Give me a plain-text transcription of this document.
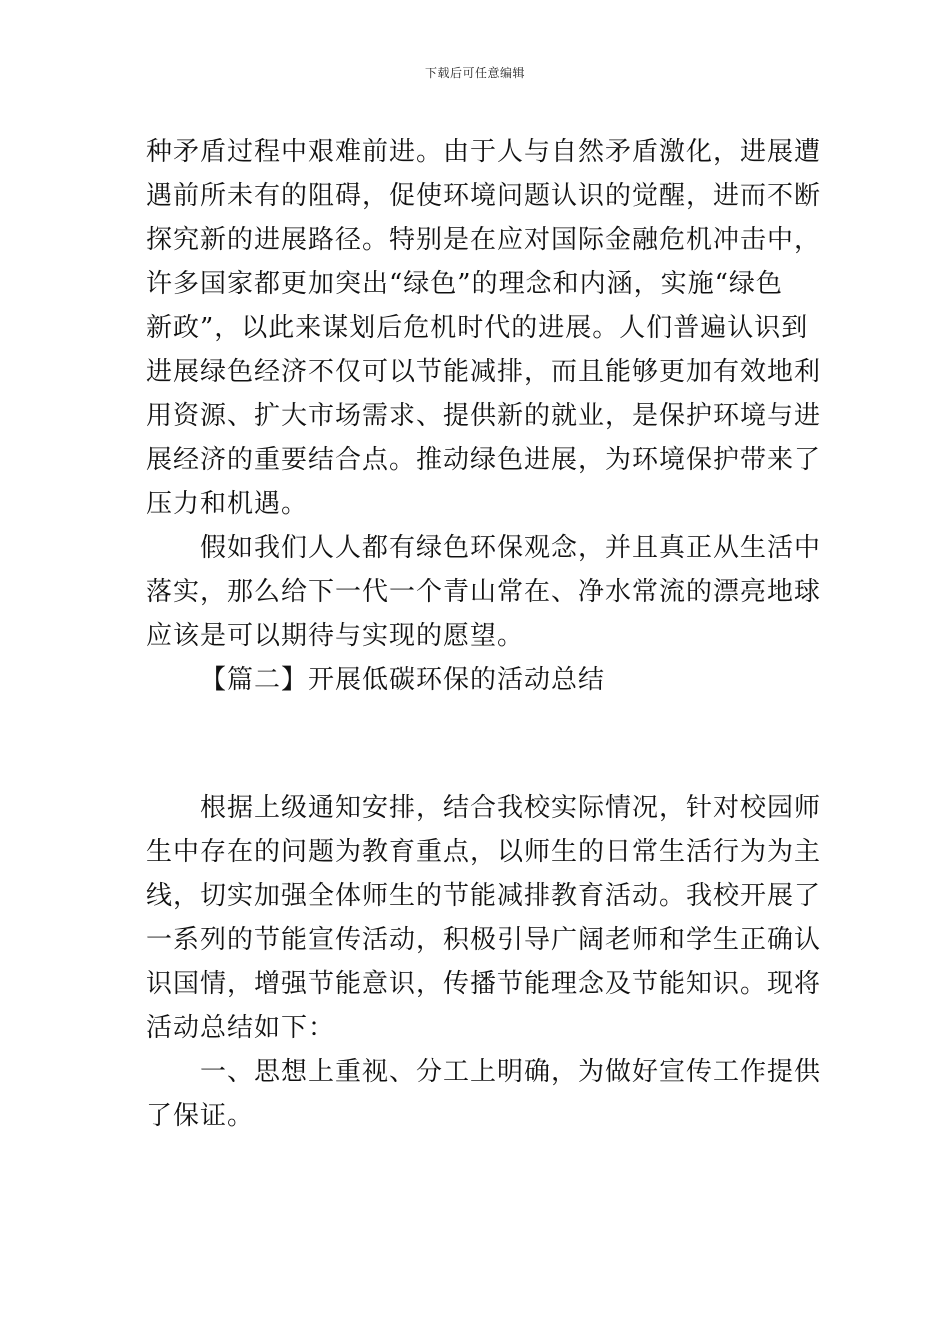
下载后可任意编辑
种矛盾过程中艰难前进。由于人与自然矛盾激化，进展遭
遇前所未有的阻碍，促使环境问题认识的觉醒，进而不断
探究新的进展路径。特别是在应对国际金融危机冲击中，
许多国家都更加突出“绿色”的理念和内涵，实施“绿色
新政”，以此来谋划后危机时代的进展。人们普遍认识到
进展绿色经济不仅可以节能减排，而且能够更加有效地利
用资源、扩大市场需求、提供新的就业，是保护环境与进
展经济的重要结合点。推动绿色进展，为环境保护带来了
压力和机遇。
假如我们人人都有绿色环保观念，并且真正从生活中
落实，那么给下一代一个青山常在、净水常流的漂亮地球
应该是可以期待与实现的愿望。
【篇二】开展低碳环保的活动总结
根据上级通知安排，结合我校实际情况，针对校园师
生中存在的问题为教育重点，以师生的日常生活行为为主
线，切实加强全体师生的节能减排教育活动。我校开展了
一系列的节能宣传活动，积极引导广阔老师和学生正确认
识国情，增强节能意识，传播节能理念及节能知识。现将
活动总结如下：
一、思想上重视、分工上明确，为做好宣传工作提供
了保证。
